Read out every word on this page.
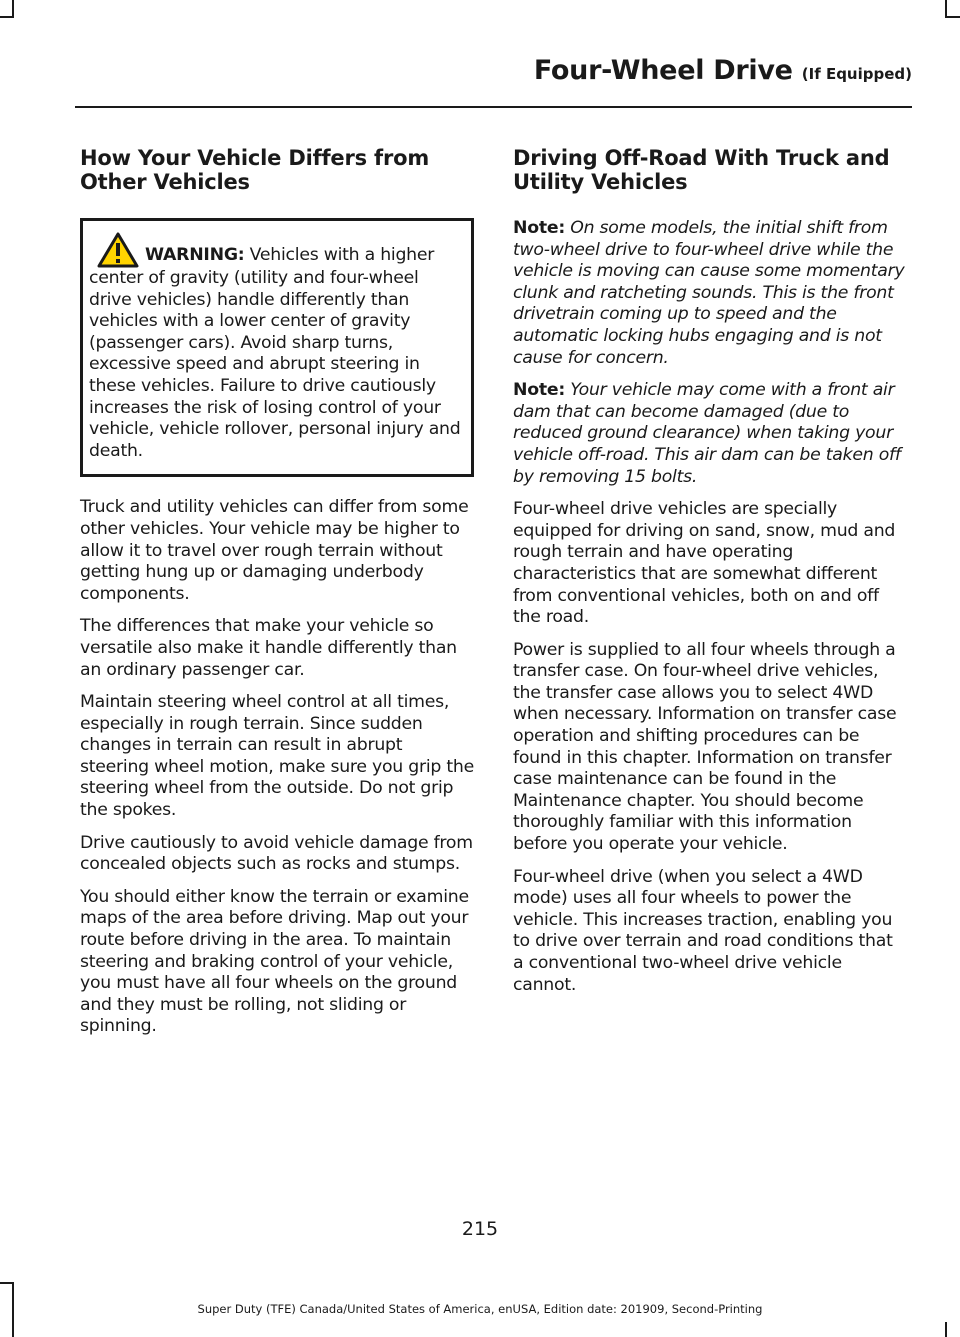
Four-Wheel Drive (If Equipped)
How Your Vehicle Differs from Other Vehicles

WARNING: Vehicles with a higher center of gravity (utility and four-wheel drive vehicles) handle differently than vehicles with a lower center of gravity (passenger cars). Avoid sharp turns, excessive speed and abrupt steering in these vehicles. Failure to drive cautiously increases the risk of losing control of your vehicle, vehicle rollover, personal injury and death.

Truck and utility vehicles can differ from some other vehicles. Your vehicle may be higher to allow it to travel over rough terrain without getting hung up or damaging underbody components.

The differences that make your vehicle so versatile also make it handle differently than an ordinary passenger car.

Maintain steering wheel control at all times, especially in rough terrain. Since sudden changes in terrain can result in abrupt steering wheel motion, make sure you grip the steering wheel from the outside. Do not grip the spokes.

Drive cautiously to avoid vehicle damage from concealed objects such as rocks and stumps.

You should either know the terrain or examine maps of the area before driving. Map out your route before driving in the area. To maintain steering and braking control of your vehicle, you must have all four wheels on the ground and they must be rolling, not sliding or spinning.

Driving Off-Road With Truck and Utility Vehicles

Note: On some models, the initial shift from two-wheel drive to four-wheel drive while the vehicle is moving can cause some momentary clunk and ratcheting sounds. This is the front drivetrain coming up to speed and the automatic locking hubs engaging and is not cause for concern.

Note: Your vehicle may come with a front air dam that can become damaged (due to reduced ground clearance) when taking your vehicle off-road. This air dam can be taken off by removing 15 bolts.

Four-wheel drive vehicles are specially equipped for driving on sand, snow, mud and rough terrain and have operating characteristics that are somewhat different from conventional vehicles, both on and off the road.

Power is supplied to all four wheels through a transfer case. On four-wheel drive vehicles, the transfer case allows you to select 4WD when necessary. Information on transfer case operation and shifting procedures can be found in this chapter. Information on transfer case maintenance can be found in the Maintenance chapter. You should become thoroughly familiar with this information before you operate your vehicle.

Four-wheel drive (when you select a 4WD mode) uses all four wheels to power the vehicle. This increases traction, enabling you to drive over terrain and road conditions that a conventional two-wheel drive vehicle cannot.

215
Super Duty (TFE) Canada/United States of America, enUSA, Edition date: 201909, Second-Printing
